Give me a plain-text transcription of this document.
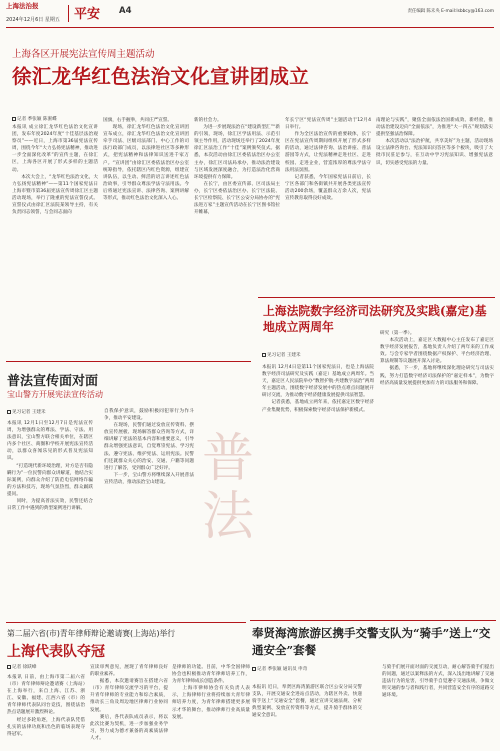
上海法治报
2024年12月6日 星期五 平安 A4	责任编辑 陈未央 E-mail:lsbbcy@163.com
上海各区开展宪法宣传周主题活动
徐汇龙华红色法治文化宣讲团成立
记者 季张颖 陈蜜蝶
本报讯 成立徐汇龙华红色法治文化宣讲团，发布年度2024年度“十佳基层法治观察员”——近日，上海市第36届宪法宣传周，围绕今年“大力弘扬宪法精神，推动进一步全面深化改革”的宣传主题，在徐汇区，上海各区开展了形式多样的主题活动。
　　本次大会上，“龙华红色法治文化，大力弘扬宪法精神”——第11个国家宪法日上海市暨市第36届宪法宣传周徐汇区主题活动现场，举行了隆重的宪法宣誓仪式。宣誓仪式由徐汇区法院某领导主持，有关负责同志领誓，与会同志面向
国旗，右手握拳，共同庄严宣誓。
　　现场，徐汇龙华红色法治文化宣讲团宣布成立，徐汇龙华红色法治文化宣讲团牵手司法、区级司法部门、中心工作的司法行政部门成员，以法律进社区等多种形式，把宪法精神和法律知识送进千家万户。“宣讲团”由徐汇区委依法治区办公室统筹指导，依托辖区内红色资源，组建宣讲队伍，以生动、鲜活的语言讲述红色法治故事，引导群众尊法学法守法用法。今后将通过宪法宣讲、法律咨询、案例讲解等形式，推动红色法治文化深入人心。
新的社会力。
　　为进一步展现法治在“建设新型汇”“新的引领，现场，徐汇区学法用法、示范引领主导作用，活动现场还举行了2024年度徐汇区法治工作“十佳”案例颁奖仪式。据悉，本次活动由徐汇区委依法治区办公室主办，徐汇区司法局承办，推动法治建设与区域发展深度融合，为打造法治化营商环境提供有力保障。
　　在长宁，由区委宣传部、区司法局主办，长宁区委依法治区办、长宁区法院、长宁区检察院、长宁区公安分局协办的“宪法进万家”主题宣传活动在长宁区图书馆拉开帷幕，
年长宁区“宪法宣传周”主题活动于12月4日举行。
　　作为全区法治宣传的重要载体，长宁区在宪法宣传周期间组织开展了形式多样的活动，通过法律咨询、法治讲座、普法游园等方式，让宪法精神走进社区、走进校园、走进企业，营造浓厚的尊法学法守法用法氛围。
　　记者获悉，今年国家宪法日前后，长宁区各部门和各街镇共开展各类宪法宣传活动200余场，覆盖群众万余人次，宪法宣传教育取得良好成效。
南理论与实践”，聚焦全面依法治国新成效、新经验，推动法治建设迈向“全面依法”，为推进“大一四五”规划落实提供坚强法治保障。
　　本次活动以“法治护航，共享美好”为主题，活动现场设立法律咨询台、宪法知识问答区等多个板块，吸引了大批市民驻足参与，在互动中学习宪法知识、增强宪法意识，切实感受宪法的力量。
普法宣传面对面
宝山警方开展宪法宣传活动
见习记者 王建禾
本报讯 12月1日至12月7日是宪法宣传周，为增强群众的尊法、学法、守法、用法意识，宝山警方联合相关单位，在辖区内多个社区、商圈和学校开展宪法宣传活动，以群众喜闻乐见的形式普及宪法知识。
　　“打造现代新环境治理，对方是否有隐瞒行为”一位民警向群众讲解道，他结合实际案例，向群众介绍了防范电信网络诈骗的方法和技巧，现场气氛热烈，群众踊跃提问。
　　同时，为提高普法实效，民警还结合日常工作中遇到的典型案例进行讲解。
自我保护意识，鼓励积极同犯罪行为作斗争，推动平安建设。
　　在现场，民警们通过发放宣传资料、摆放宣传展板、现场解答群众咨询等方式，详细讲解了宪法的基本内容和重要意义，引导群众增强宪法意识，自觉尊崇宪法、学习宪法、遵守宪法、维护宪法、运用宪法。民警们还就群众关心的治安、交通、户籍等问题进行了解答，受到群众广泛好评。
　　下一步，宝山警方将继续深入开展普法宣传活动，推动法治宝山建设。 普法
上海法院数字经济司法研究及实践(嘉定)基地成立两周年
见习记者 王建禾
本报讯 12月4日是第11个国家宪法日，也是上海法院数字经济司法研究及实践（嘉定）基地成立两周年。当天，嘉定区人民法院举办“数智护航·共建数字法治”两周年主题活动，围绕数字经济发展中的热点难点问题展开研讨交流，为推动数字经济健康发展提供司法智慧。
　　记者获悉，基地成立两年来，依托嘉定区数字经济产业集聚优势，积极探索数字经济司法保护新模式。
研究（第一季）。
　　本次活动上，嘉定区大数据中心主任发布了嘉定区数字经济发展报告，基地负责人介绍了两年来的工作成效。与会专家学者围绕数据产权保护、平台经济治理、算法规制等议题展开深入讨论。
　　据悉，下一步，基地将继续深化理论研究与司法实践，努力打造数字经济司法保护的“嘉定样本”，为数字经济高质量发展提供更加有力的司法服务和保障。
第二届六省(市)青年律师辩论邀请赛(上海站)举行
上海代表队夺冠
记者 徐跃峰
本报讯 日前，由上海市第二届六省（市）青年律师辩论邀请赛（上海站）在上海举行，来自上海、江苏、浙江、安徽、福建、江西六省（市）的青年律师代表队同台竞技，围绕法治热点话题展开激烈辩论。
　　经过多轮角逐，上海代表队凭借扎实的法律功底和出色的临场表现夺得冠军。
宣读审判意见，展现了青年律师良好的职业素养。
　　据悉，本次邀请赛旨在搭建六省（市）青年律师交流学习的平台，提升青年律师的专业能力和综合素质，推动长三角及周边地区律师行业协同发展。
　　赛后，各代表队成员表示，将以此次比赛为契机，进一步加强业务学习，努力成为德才兼备的高素质法律人才。
是律师的功能。目前，中华全国律师协会也积极推动青年律师培养工作，为青年律师成长创造条件。
　　上海市律师协会有关负责人表示，上海律师行业将持续加大青年律师培养力度，为青年律师搭建更多展示才华的舞台，推动律师行业高质量发展。
奉贤海湾旅游区携手交警支队为“骑手”送上“交通安全”套餐
记者 季张颖 通讯员 申奇
本报讯 近日，奉贤区海湾旅游区联合区公安分局交警支队，开展交通安全进站点活动，为辖区外卖、快递骑手送上“交通安全”套餐，通过宣讲交通法规、分析典型案例、发放宣传资料等方式，提升骑手群体的交通安全意识。
与骑手们展开面对面的交流互动，耐心解答骑手们提出的问题，通过以案释法的方式，深入浅出地讲解了交通违法行为的危害，引导骑手自觉遵守交通法规，争做文明交通的参与者和践行者，共同营造安全有序的道路交通环境。
